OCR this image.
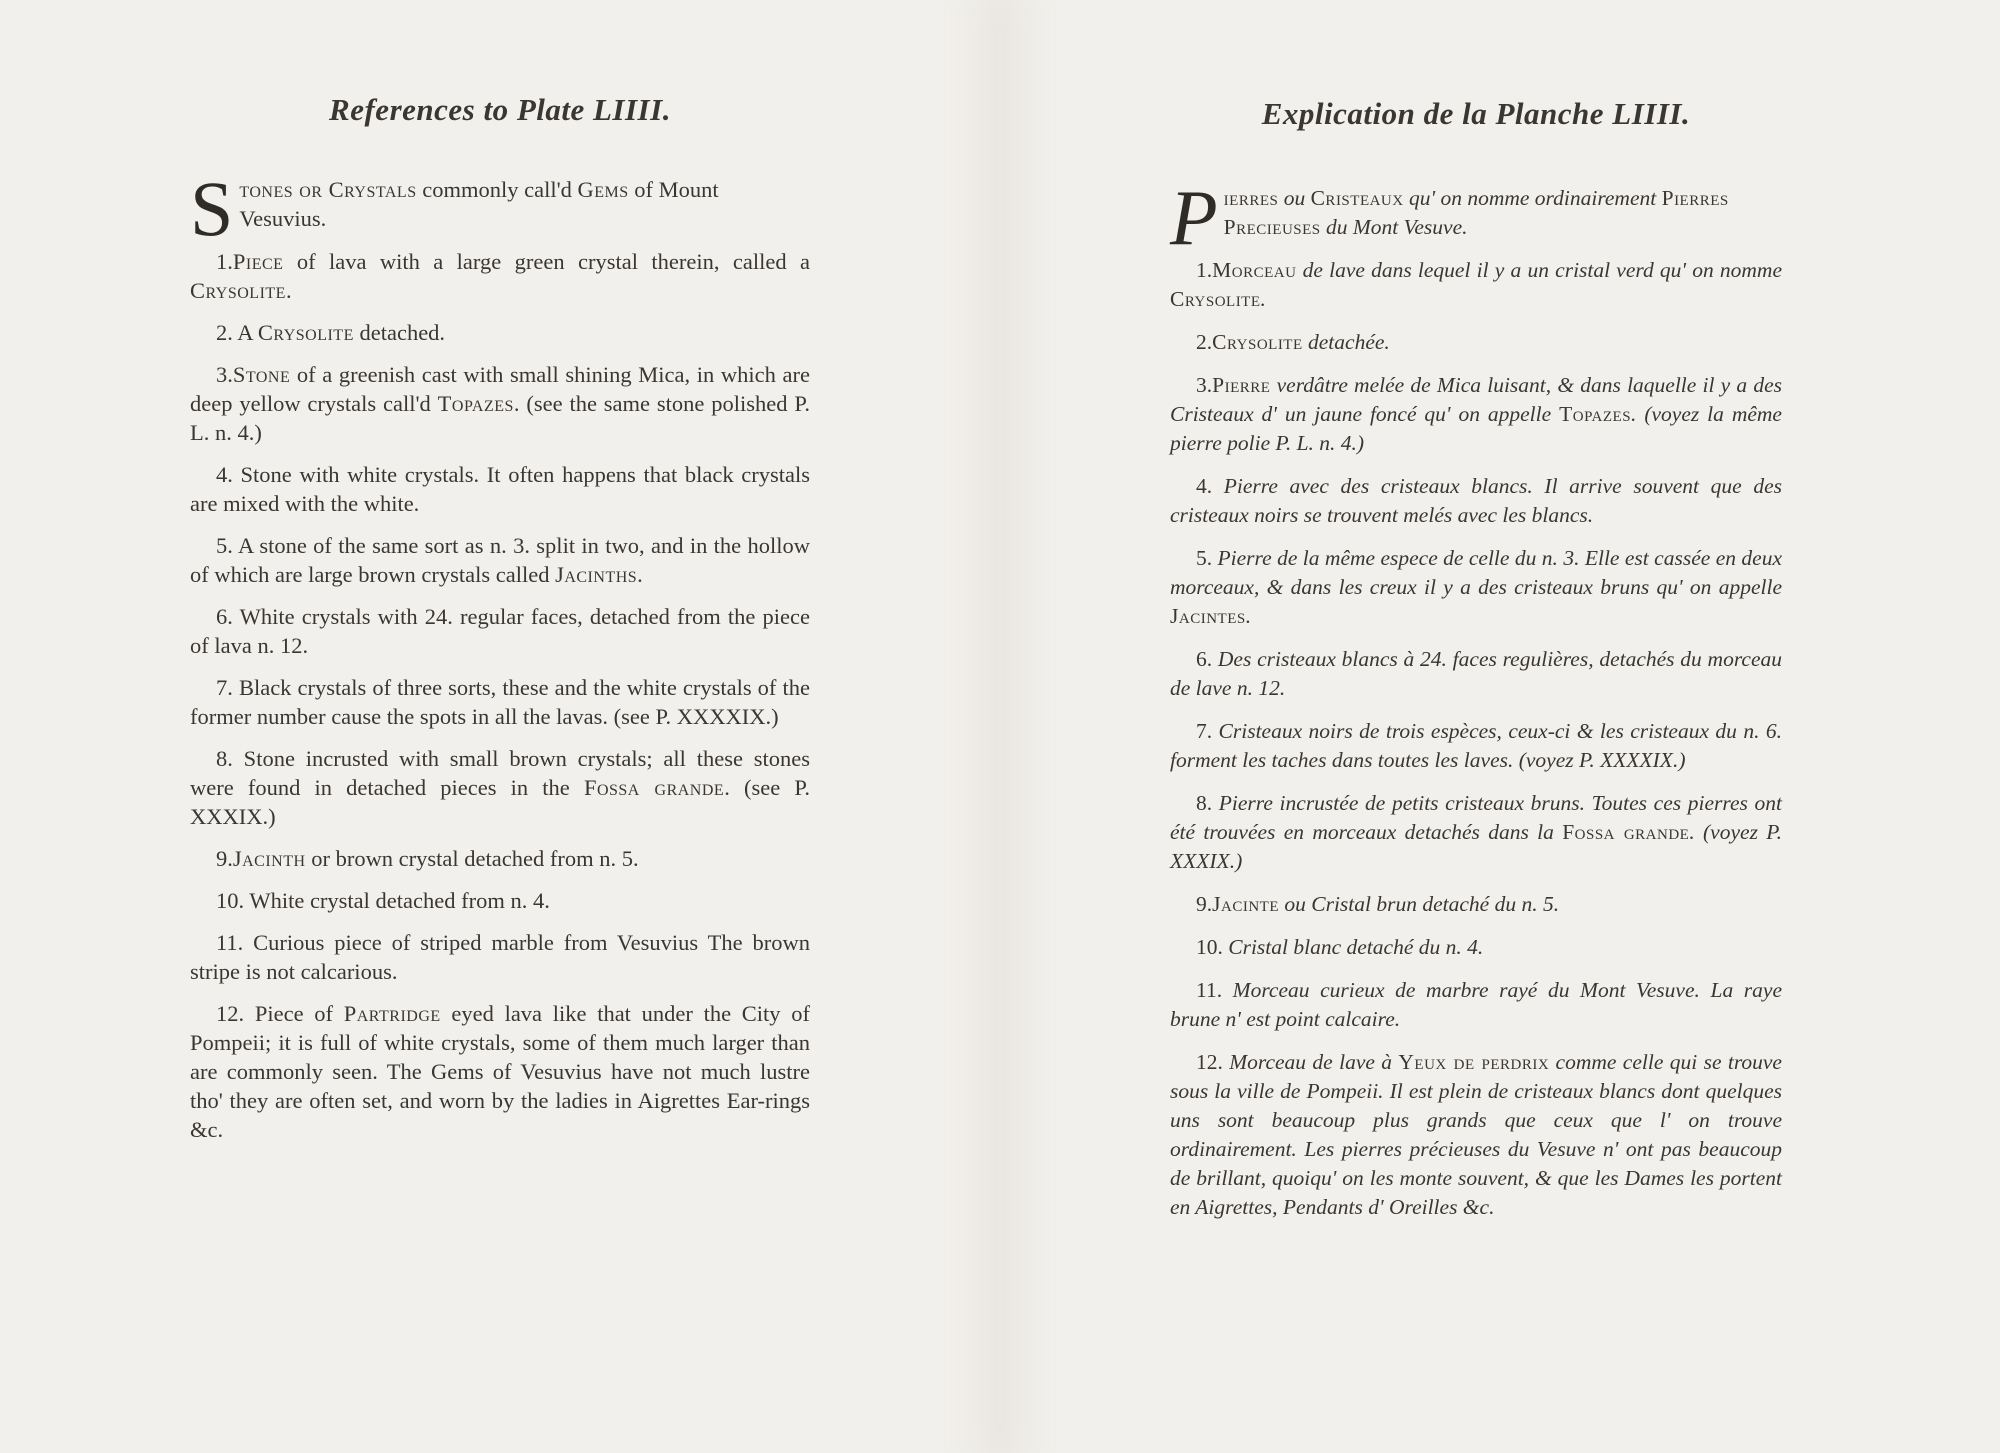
References to Plate LIIII.

Stones or Crystals commonly call'd Gems of Mount Vesuvius.

1.Piece of lava with a large green crystal therein, called a Crysolite.

2. A Crysolite detached.

3.Stone of a greenish cast with small shining Mica, in which are deep yellow crystals call'd Topazes. (see the same stone polished P. L. n. 4.)

4. Stone with white crystals. It often happens that black crystals are mixed with the white.

5. A stone of the same sort as n. 3. split in two, and in the hollow of which are large brown crystals called Jacinths.

6. White crystals with 24. regular faces, detached from the piece of lava n. 12.

7. Black crystals of three sorts, these and the white crystals of the former number cause the spots in all the lavas. (see P. XXXXIX.)

8. Stone incrusted with small brown crystals; all these stones were found in detached pieces in the Fossa grande. (see P. XXXIX.)

9.Jacinth or brown crystal detached from n. 5.

10. White crystal detached from n. 4.

11. Curious piece of striped marble from Vesuvius The brown stripe is not calcarious.

12. Piece of Partridge eyed lava like that under the City of Pompeii; it is full of white crystals, some of them much larger than are commonly seen. The Gems of Vesuvius have not much lustre tho' they are often set, and worn by the ladies in Aigrettes Ear-rings &c.

Explication de la Planche LIIII.

Pierres ou Cristeaux qu' on nomme ordinairement Pierres Precieuses du Mont Vesuve.

1.Morceau de lave dans lequel il y a un cristal verd qu' on nomme Crysolite.

2.Crysolite detachée.

3.Pierre verdâtre melée de Mica luisant, & dans laquelle il y a des Cristeaux d' un jaune foncé qu' on appelle Topazes. (voyez la même pierre polie P. L. n. 4.)

4. Pierre avec des cristeaux blancs. Il arrive souvent que des cristeaux noirs se trouvent melés avec les blancs.

5. Pierre de la même espece de celle du n. 3. Elle est cassée en deux morceaux, & dans les creux il y a des cristeaux bruns qu' on appelle Jacintes.

6. Des cristeaux blancs à 24. faces regulières, detachés du morceau de lave n. 12.

7. Cristeaux noirs de trois espèces, ceux-ci & les cristeaux du n. 6. forment les taches dans toutes les laves. (voyez P. XXXXIX.)

8. Pierre incrustée de petits cristeaux bruns. Toutes ces pierres ont été trouvées en morceaux detachés dans la Fossa grande. (voyez P. XXXIX.)

9.Jacinte ou Cristal brun detaché du n. 5.

10. Cristal blanc detaché du n. 4.

11. Morceau curieux de marbre rayé du Mont Vesuve. La raye brune n' est point calcaire.

12. Morceau de lave à Yeux de perdrix comme celle qui se trouve sous la ville de Pompeii. Il est plein de cristeaux blancs dont quelques uns sont beaucoup plus grands que ceux que l' on trouve ordinairement. Les pierres précieuses du Vesuve n' ont pas beaucoup de brillant, quoiqu' on les monte souvent, & que les Dames les portent en Aigrettes, Pendants d' Oreilles &c.
